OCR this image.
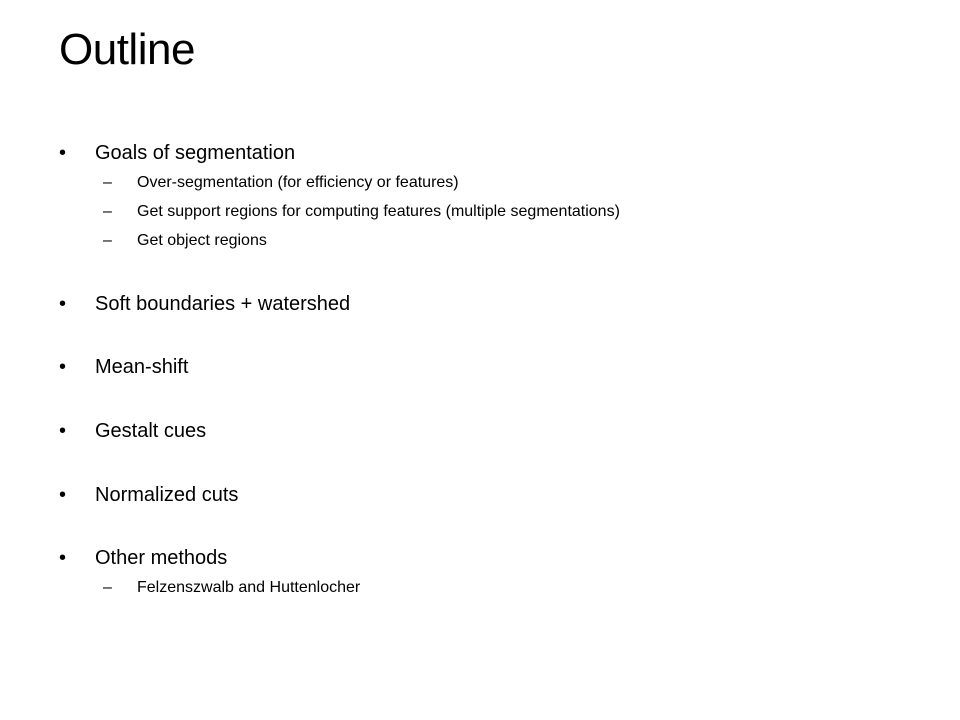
Outline
• Goals of segmentation
– Over-segmentation (for efficiency or features)
– Get support regions for computing features (multiple segmentations)
– Get object regions
• Soft boundaries + watershed
• Mean-shift
• Gestalt cues
• Normalized cuts
• Other methods
– Felzenszwalb and Huttenlocher
